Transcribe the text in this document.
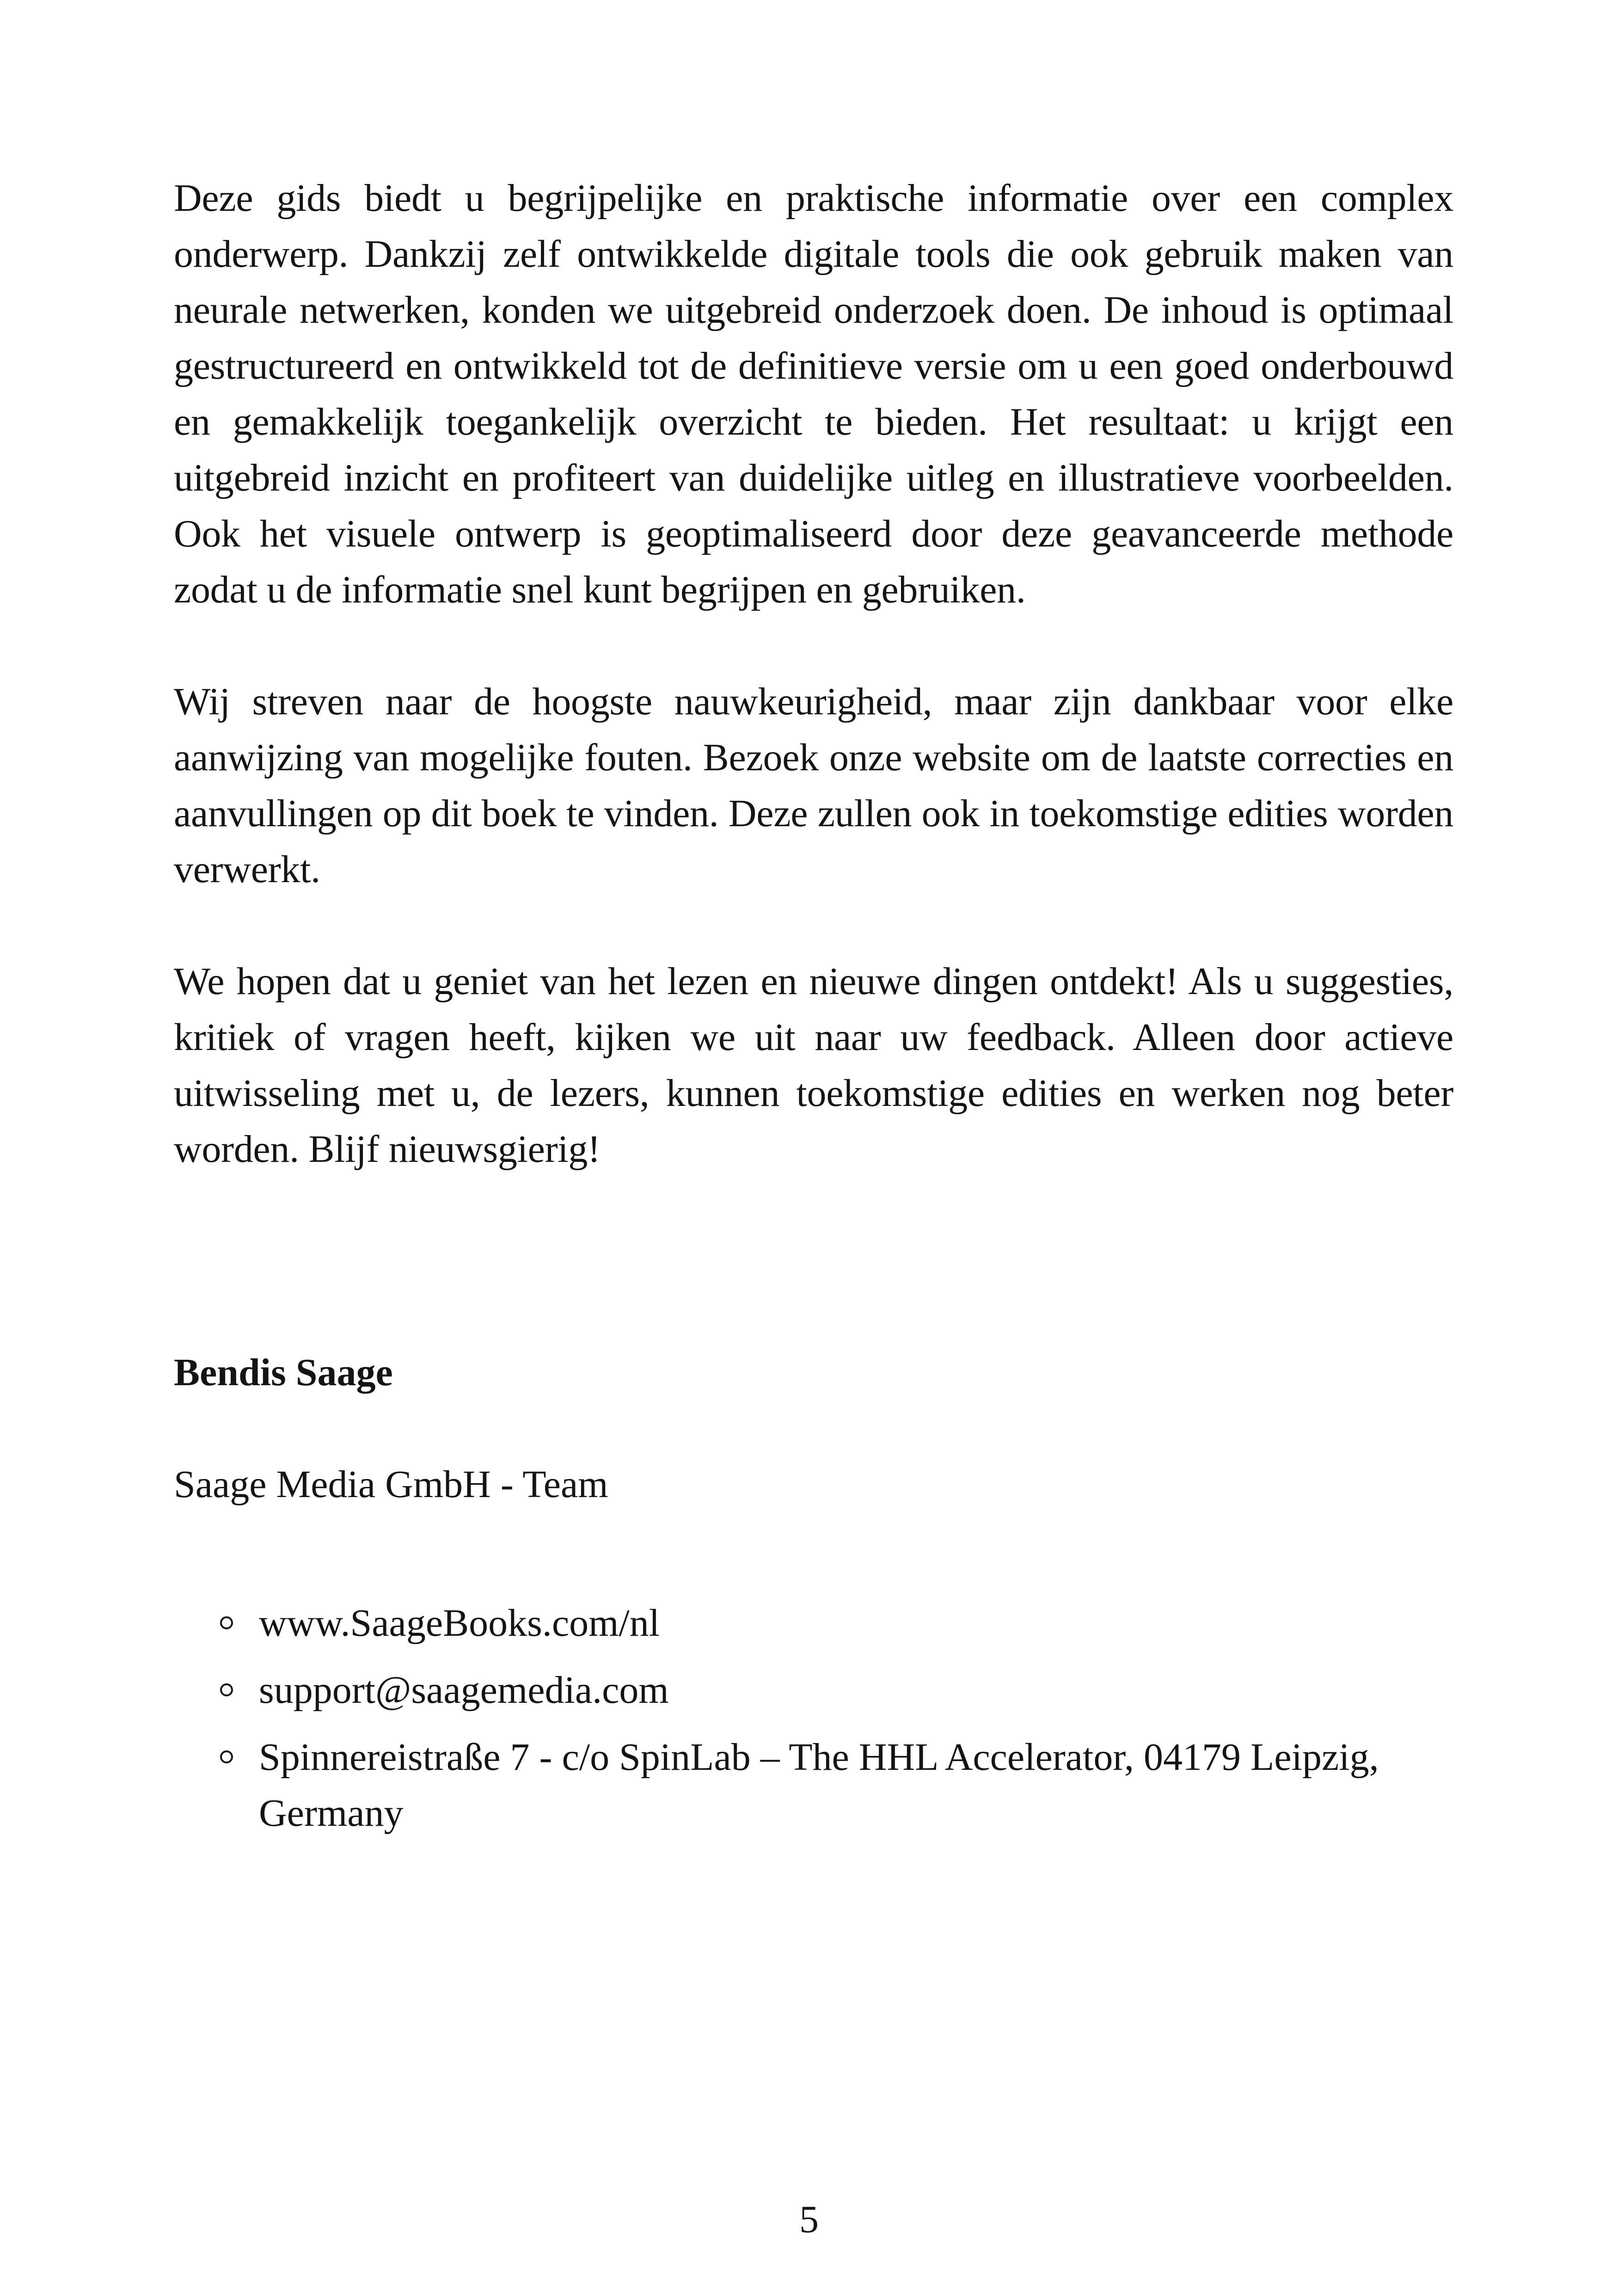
Deze gids biedt u begrijpelijke en praktische informatie over een complex onderwerp. Dankzij zelf ontwikkelde digitale tools die ook gebruik maken van neurale netwerken, konden we uitgebreid onderzoek doen. De inhoud is optimaal gestructureerd en ontwikkeld tot de definitieve versie om u een goed onderbouwd en gemakkelijk toegankelijk overzicht te bieden. Het resultaat: u krijgt een uitgebreid inzicht en profiteert van duidelijke uitleg en illustratieve voorbeelden. Ook het visuele ontwerp is geoptimaliseerd door deze geavanceerde methode zodat u de informatie snel kunt begrijpen en gebruiken.

Wij streven naar de hoogste nauwkeurigheid, maar zijn dankbaar voor elke aanwijzing van mogelijke fouten. Bezoek onze website om de laatste correcties en aanvullingen op dit boek te vinden. Deze zullen ook in toekomstige edities worden verwerkt.

We hopen dat u geniet van het lezen en nieuwe dingen ontdekt! Als u suggesties, kritiek of vragen heeft, kijken we uit naar uw feedback. Alleen door actieve uitwisseling met u, de lezers, kunnen toekomstige edities en werken nog beter worden. Blijf nieuwsgierig!

Bendis Saage

Saage Media GmbH - Team

www.SaageBooks.com/nl
support@saagemedia.com
Spinnereistraße 7 - c/o SpinLab – The HHL Accelerator, 04179 Leipzig, Germany
5
